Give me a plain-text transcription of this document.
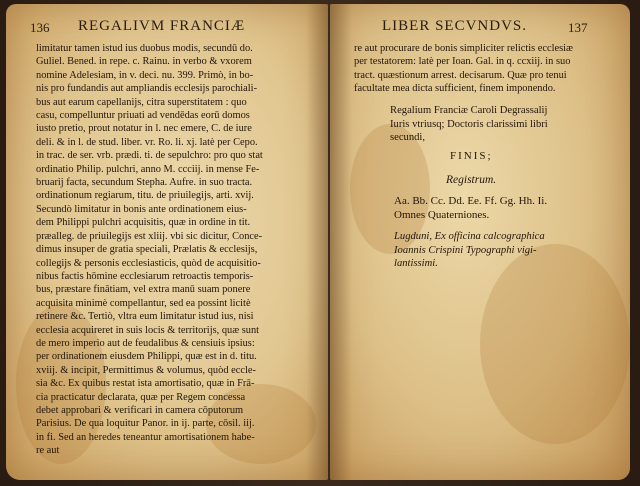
136 REGALIVM FRANCIÆ
limitatur tamen istud ius duobus modis, secundū do.
Guliel. Bened. in repe. c. Rainu. in verbo & vxorem
nomine Adelesiam, in v. deci. nu. 399. Primò, in bo-
nis pro fundandis aut ampliandis ecclesijs parochiali-
bus aut earum capellanijs, citra superstitatem : quo
casu, compelluntur priuati ad vendēdas eorū domos
iusto pretio, prout notatur in l. nec emere, C. de iure
deli. & in l. de stud. liber. vr. Ro. li. xj. latè per Cepo.
in trac. de ser. vrb. prædi. ti. de sepulchro: pro quo stat
ordinatio Philip. pulchri, anno M. ccciij. in mense Fe-
bruarij facta, secundum Stepha. Aufre. in suo tracta.
ordinationum regiarum, titu. de priuilegijs, arti. xvij.
Secundò limitatur in bonis ante ordinationem eius-
dem Philippi pulchri acquisitis, quæ in ordine in tit.
præalleg. de priuilegijs est xliij. vbi sic dicitur, Conce-
dimus insuper de gratia speciali, Prælatis & ecclesijs,
collegijs & personis ecclesiasticis, quòd de acquisitio-
nibus factis hōmine ecclesiarum retroactis temporis-
bus, præstare finātiam, vel extra manū suam ponere
acquisita minimè compellantur, sed ea possint licitè
retinere &c. Tertiò, vltra eum limitatur istud ius, nisi
ecclesia acquireret in suis locis & territorijs, quæ sunt
de mero imperio aut de feudalibus & censiuis ipsius:
per ordinationem eiusdem Philippi, quæ est in d. titu.
xviij. & incipit, Permittimus & volumus, quòd eccle-
sia &c. Ex quibus restat ista amortisatio, quæ in Frā-
cia practicatur declarata, quæ per Regem concessa
debet approbari & verificari in camera cōputorum
Parisius. De qua loquitur Panor. in ij. parte, cōsil. iij.
in fi. Sed an heredes teneantur amortisationem habe-
re aut
LIBER SECVNDVS.	137
re aut procurare de bonis simpliciter relictis ecclesiæ
per testatorem: latè per Ioan. Gal. in q. ccxiij. in suo
tract. quæstionum arrest. decisarum. Quæ pro tenui
facultate mea dicta sufficient, finem imponendo.
Regalium Franciæ Caroli Degrassalij
Iuris vtriusq; Doctoris clarissimi libri
secundi,
FINIS;
Registrum.
Aa. Bb. Cc. Dd. Ee. Ff. Gg. Hh. Ii.
Omnes Quaterniones.
Lugduni, Ex officina calcographica
Ioannis Crispini Typographi vigi-
lantissimi.
